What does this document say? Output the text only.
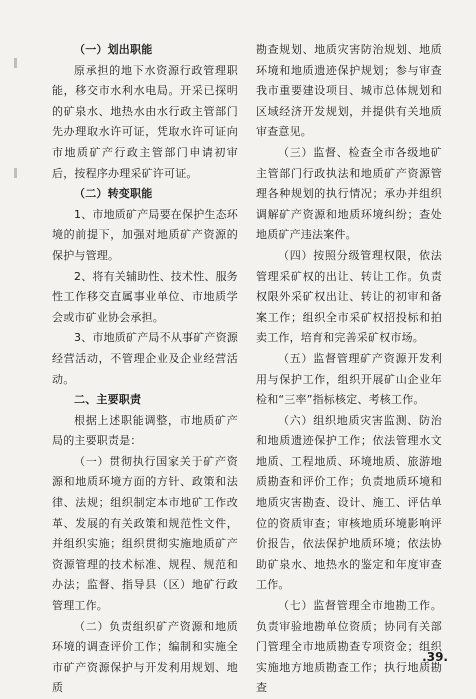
（一）划出职能

原承担的地下水资源行政管理职能，移交市水利水电局。开采已探明的矿泉水、地热水由水行政主管部门先办理取水许可证，凭取水许可证向市地质矿产行政主管部门申请初审后，按程序办理采矿许可证。

（二）转变职能

1、市地质矿产局要在保护生态环境的前提下，加强对地质矿产资源的保护与管理。

2、将有关辅助性、技术性、服务性工作移交直属事业单位、市地质学会或市矿业协会承担。

3、市地质矿产局不从事矿产资源经营活动，不管理企业及企业经营活动。

二、主要职责

根据上述职能调整，市地质矿产局的主要职责是：

（一）贯彻执行国家关于矿产资源和地质环境方面的方针、政策和法律、法规；组织制定本市地矿工作改革、发展的有关政策和规范性文件，并组织实施；组织贯彻实施地质矿产资源管理的技术标准、规程、规范和办法；监督、指导县（区）地矿行政管理工作。

（二）负责组织矿产资源和地质环境的调查评价工作；编制和实施全市矿产资源保护与开发利用规划、地质

勘查规划、地质灾害防治规划、地质环境和地质遗迹保护规划；参与审查我市重要建设项目、城市总体规划和区域经济开发规划，并提供有关地质审查意见。

（三）监督、检查全市各级地矿主管部门行政执法和地质矿产资源管理各种规划的执行情况；承办并组织调解矿产资源和地质环境纠纷；查处地质矿产违法案件。

（四）按照分级管理权限，依法管理采矿权的出让、转让工作。负责权限外采矿权出让、转让的初审和备案工作；组织全市采矿权招投标和拍卖工作，培育和完善采矿权市场。

（五）监督管理矿产资源开发利用与保护工作，组织开展矿山企业年检和“三率”指标核定、考核工作。

（六）组织地质灾害监测、防治和地质遗迹保护工作；依法管理水文地质、工程地质、环境地质、旅游地质勘查和评价工作；负责地质环境和地质灾害勘查、设计、施工、评估单位的资质审查；审核地质环境影响评价报告，依法保护地质环境；依法协助矿泉水、地热水的鉴定和年度审查工作。

（七）监督管理全市地勘工作。负责审验地勘单位资质；协同有关部门管理全市地质勘查专项资金；组织实施地方地质勘查工作；执行地质勘查

.39.
